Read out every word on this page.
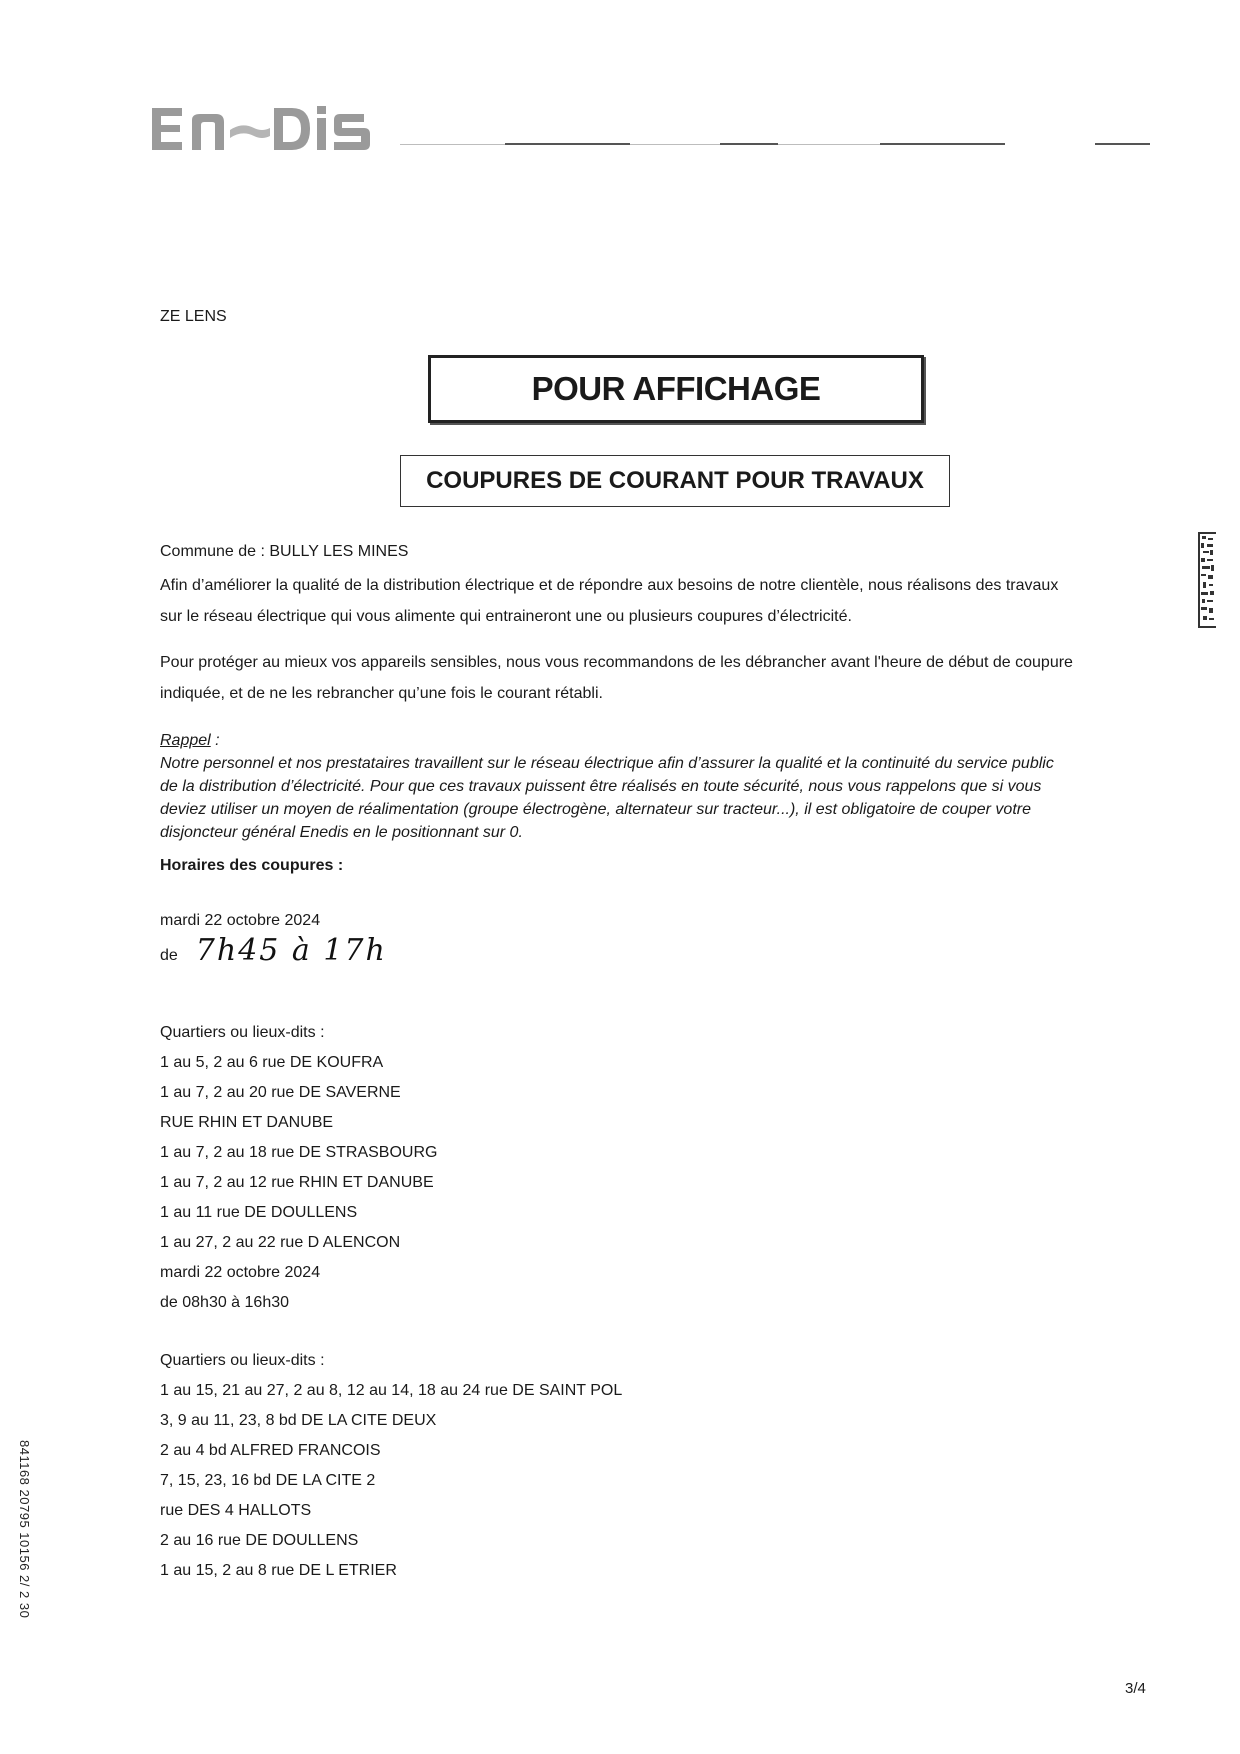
ZE LENS
POUR AFFICHAGE
COUPURES DE COURANT POUR TRAVAUX
Commune de : BULLY LES MINES
Afin d’améliorer la qualité de la distribution électrique et de répondre aux besoins de notre clientèle, nous réalisons des travaux
sur le réseau électrique qui vous alimente qui entraineront une ou plusieurs coupures d’électricité.
Pour protéger au mieux vos appareils sensibles, nous vous recommandons de les débrancher avant l'heure de début de coupure
indiquée, et de ne les rebrancher qu’une fois le courant rétabli.
Rappel :
Notre personnel et nos prestataires travaillent sur le réseau électrique afin d’assurer la qualité et la continuité du service public
de la distribution d’électricité. Pour que ces travaux puissent être réalisés en toute sécurité, nous vous rappelons que si vous
deviez utiliser un moyen de réalimentation (groupe électrogène, alternateur sur tracteur...), il est obligatoire de couper votre
disjoncteur général Enedis en le positionnant sur 0.
Horaires des coupures :
mardi 22 octobre 2024
de 7h45 à 17h
Quartiers ou lieux-dits :
1 au 5, 2 au 6 rue DE KOUFRA
1 au 7, 2 au 20 rue DE SAVERNE
RUE RHIN ET DANUBE
1 au 7, 2 au 18 rue DE STRASBOURG
1 au 7, 2 au 12 rue RHIN ET DANUBE
1 au 11 rue DE DOULLENS
1 au 27, 2 au 22 rue D ALENCON
mardi 22 octobre 2024
de 08h30 à 16h30
Quartiers ou lieux-dits :
1 au 15, 21 au 27, 2 au 8, 12 au 14, 18 au 24 rue DE SAINT POL
3, 9 au 11, 23, 8 bd DE LA CITE DEUX
2 au 4 bd ALFRED FRANCOIS
7, 15, 23, 16 bd DE LA CITE 2
rue DES 4 HALLOTS
2 au 16 rue DE DOULLENS
1 au 15, 2 au 8 rue DE L ETRIER
841168 20795 10156 2/ 2 30
3/4
